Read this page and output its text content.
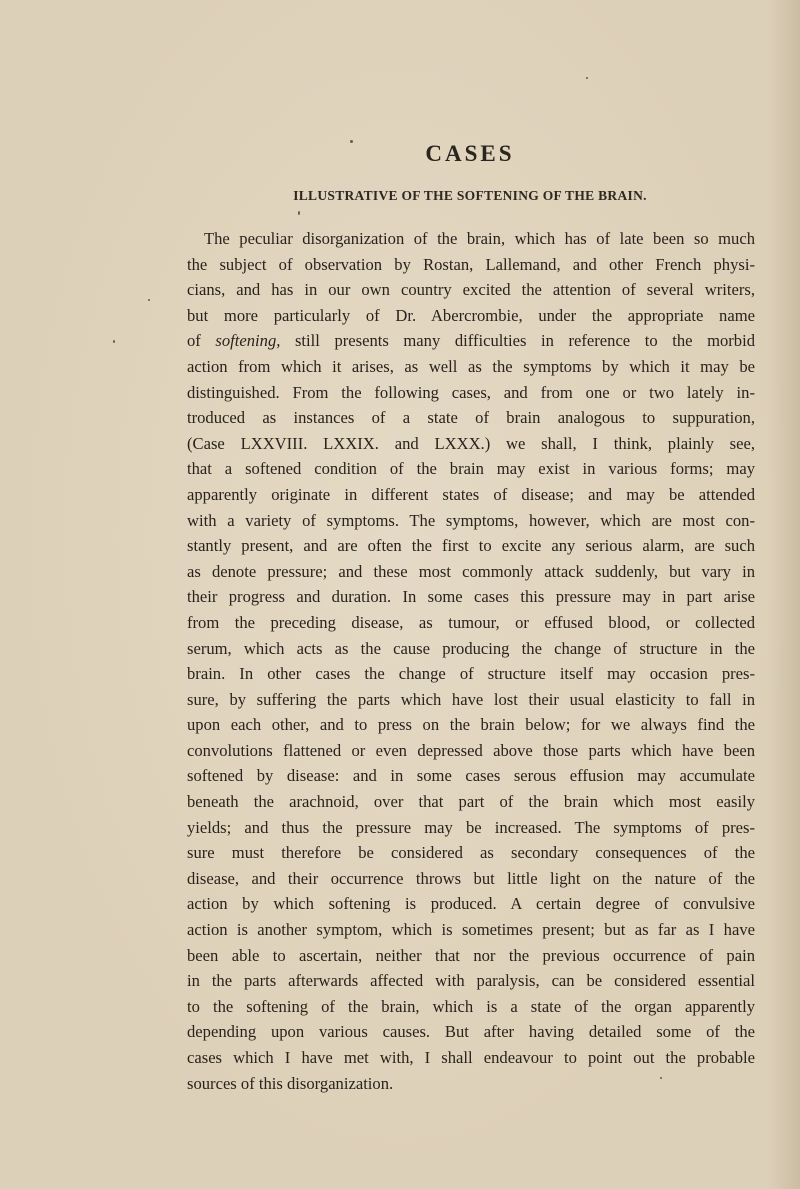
CASES
ILLUSTRATIVE OF THE SOFTENING OF THE BRAIN.
The peculiar disorganization of the brain, which has of late been so much
the subject of observation by Rostan, Lallemand, and other French physi-
cians, and has in our own country excited the attention of several writers,
but more particularly of Dr. Abercrombie, under the appropriate name
of softening, still presents many difficulties in reference to the morbid
action from which it arises, as well as the symptoms by which it may be
distinguished. From the following cases, and from one or two lately in-
troduced as instances of a state of brain analogous to suppuration,
(Case LXXVIII. LXXIX. and LXXX.) we shall, I think, plainly see,
that a softened condition of the brain may exist in various forms; may
apparently originate in different states of disease; and may be attended
with a variety of symptoms. The symptoms, however, which are most con-
stantly present, and are often the first to excite any serious alarm, are such
as denote pressure; and these most commonly attack suddenly, but vary in
their progress and duration. In some cases this pressure may in part arise
from the preceding disease, as tumour, or effused blood, or collected
serum, which acts as the cause producing the change of structure in the
brain. In other cases the change of structure itself may occasion pres-
sure, by suffering the parts which have lost their usual elasticity to fall in
upon each other, and to press on the brain below; for we always find the
convolutions flattened or even depressed above those parts which have been
softened by disease: and in some cases serous effusion may accumulate
beneath the arachnoid, over that part of the brain which most easily
yields; and thus the pressure may be increased. The symptoms of pres-
sure must therefore be considered as secondary consequences of the
disease, and their occurrence throws but little light on the nature of the
action by which softening is produced. A certain degree of convulsive
action is another symptom, which is sometimes present; but as far as I have
been able to ascertain, neither that nor the previous occurrence of pain
in the parts afterwards affected with paralysis, can be considered essential
to the softening of the brain, which is a state of the organ apparently
depending upon various causes. But after having detailed some of the
cases which I have met with, I shall endeavour to point out the probable
sources of this disorganization.
